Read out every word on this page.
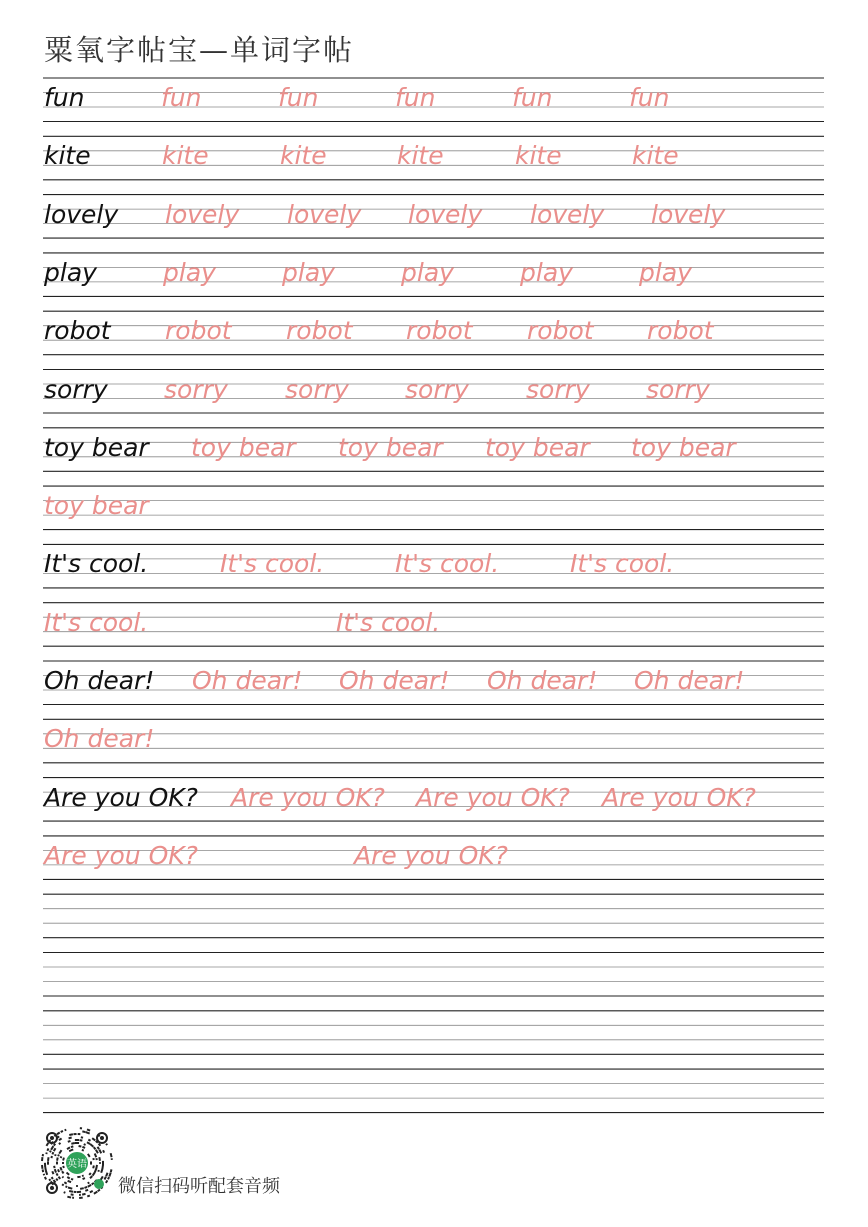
粟氧字帖宝—单词字帖
fun	fun	fun	fun	fun	fun
kite	kite	kite	kite	kite	kite
lovely lovely lovely lovely lovely lovely
play	play	play	play	play	play
robot robot robot robot robot robot
sorry sorry sorry sorry sorry sorry
toy bear toy bear toy bear toy bear toy bear
toy bear
It's cool.	It's cool.	It's cool.	It's cool.
It's cool.	It's cool.
Oh dear! Oh dear! Oh dear! Oh dear! Oh dear!
Oh dear!
Are you OK? Are you OK? Are you OK? Are you OK?
Are you OK?	Are you OK?
英语
微信扫码听配套音频
